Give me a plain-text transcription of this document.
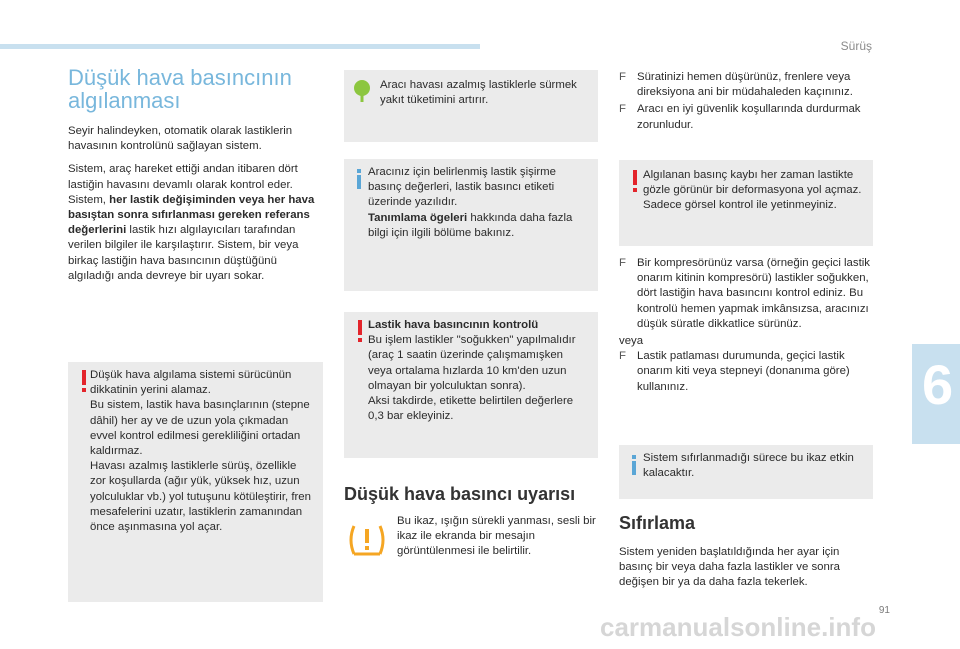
Sürüş
6
Düşük hava basıncının
algılanması

Seyir halindeyken, otomatik olarak lastiklerin havasının kontrolünü sağlayan sistem.

Sistem, araç hareket ettiği andan itibaren dört lastiğin havasını devamlı olarak kontrol eder. Sistem, her lastik değişiminden veya her hava basıştan sonra sıfırlanması gereken referans değerlerini lastik hızı algılayıcıları tarafından verilen bilgiler ile karşılaştırır. Sistem, bir veya birkaç lastiğin hava basıncının düştüğünü algıladığı anda devreye bir uyarı sokar.

Düşük hava algılama sistemi sürücünün dikkatinin yerini alamaz.
Bu sistem, lastik hava basınçlarının (stepne dâhil) her ay ve de uzun yola çıkmadan evvel kontrol edilmesi gerekliliğini ortadan kaldırmaz.
Havası azalmış lastiklerle sürüş, özellikle zor koşullarda (ağır yük, yüksek hız, uzun yolculuklar vb.) yol tutuşunu kötüleştirir, fren mesafelerini uzatır, lastiklerin zamanından önce aşınmasına yol açar.
Aracı havası azalmış lastiklerle sürmek yakıt tüketimini artırır.
Aracınız için belirlenmiş lastik şişirme basınç değerleri, lastik basıncı etiketi üzerinde yazılıdır.
Tanımlama ögeleri hakkında daha fazla bilgi için ilgili bölüme bakınız.
Lastik hava basıncının kontrolü
Bu işlem lastikler "soğukken" yapılmalıdır (araç 1 saatin üzerinde çalışmamışken veya ortalama hızlarda 10 km'den uzun olmayan bir yolculuktan sonra).
Aksi takdirde, etikette belirtilen değerlere 0,3 bar ekleyiniz.
Düşük hava basıncı uyarısı
Bu ikaz, ışığın sürekli yanması, sesli bir ikaz ile ekranda bir mesajın görüntülenmesi ile belirtilir.
F Süratinizi hemen düşürünüz, frenlere veya direksiyona ani bir müdahaleden kaçınınız.
F Aracı en iyi güvenlik koşullarında durdurmak zorunludur.
Algılanan basınç kaybı her zaman lastikte gözle görünür bir deformasyona yol açmaz. Sadece görsel kontrol ile yetinmeyiniz.
F Bir kompresörünüz varsa (örneğin geçici lastik onarım kitinin kompresörü) lastikler soğukken, dört lastiğin hava basıncını kontrol ediniz. Bu kontrolü hemen yapmak imkânsızsa, aracınızı düşük süratle dikkatlice sürünüz.
veya
F Lastik patlaması durumunda, geçici lastik onarım kiti veya stepneyi (donanıma göre) kullanınız.
Sistem sıfırlanmadığı sürece bu ikaz etkin kalacaktır.
Sıfırlama
Sistem yeniden başlatıldığında her ayar için basınç bir veya daha fazla lastikler ve sonra değişen bir ya da daha fazla tekerlek.
91
carmanualsonline.info
